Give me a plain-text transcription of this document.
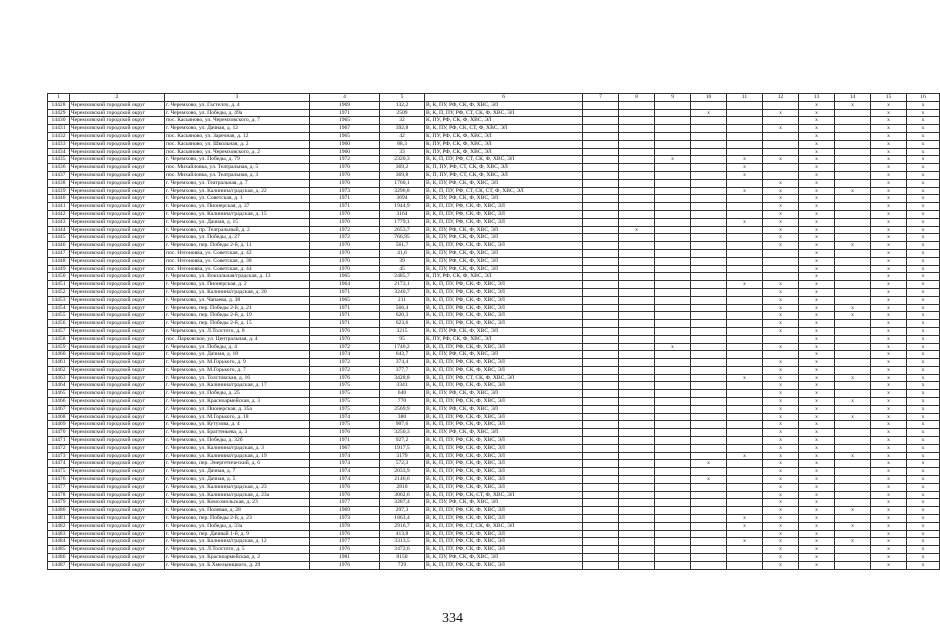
1	2	3	4	5	6	7	8	9	10	11	12	13	14	15	16
14428	Черемховский городской округ	г. Черемхово, ул. Гастелло, д. 4	1969	132,2	В, К, ПУ, РФ, СК, Ф, ХВС, ЭЛ							х	х	х	х
14429	Черемховский городской округ	г. Черемхово, ул. Победы, д. 49а	1971	2509	В, К, П, ПУ, РФ, СТ, СК, Ф, ХВС, ЭЛ				х		х	х		х	х
14430	Черемховский городской округ	пос. Касьяново, ул. Черемховского, д. 7	1965	32	К, ПУ, РФ, СК, Ф, ХВС, ЭЛ							х		х	х
14431	Черемховский городской округ	г. Черемхово, ул. Дачная, д. 12	1967	392,8	В, К, ПУ, РФ, СК, СТ, Ф, ХВС, ЭЛ						х	х		х	х
14432	Черемховский городской округ	пос. Касьяново, ул. Заречная, д. 12	1965	42	К, ПУ, РФ, СК, Ф, ХВС, ЭЛ							х		х	х
14433	Черемховский городской округ	пос. Касьяново, ул. Школьная, д. 2	1960	88,3	К, ПУ, РФ, СК, Ф, ХВС, ЭЛ							х		х	х
14434	Черемховский городской округ	пос. Касьяново, ул. Черемховского, д. 2	1960	33	К, ПУ, РФ, СК, Ф, ХВС, ЭЛ							х		х	х
14435	Черемховский городской округ	г. Черемхово, ул. Победы, д. 79	1972	2320,3	В, К, П, ПУ, РФ, СТ, СК, Ф, ХВС, ЭЛ			х		х	х	х		х	х
14436	Черемховский городской округ	пос. Михайловка, ул. Театральная, д. 5	1970	369,2	К, П, ПУ, РФ, СТ, СК, Ф, ХВС, ЭЛ					х		х		х	х
14437	Черемховский городской округ	пос. Михайловка, ул. Театральная, д. 3	1970	369,8	К, П, ПУ, РФ, СТ, СК, Ф, ХВС, ЭЛ					х		х		х	х
14438	Черемховский городской округ	г. Черемхово, ул. Театральная, д. 7	1970	1760,1	В, К, ПУ, РФ, СК, Ф, ХВС, ЭЛ						х	х		х	х
14439	Черемховский городской округ	г. Черемхово, ул. Калинина/градская, д. 22	1973	3296,8	В, К, П, ПУ, РФ, СТ, СК, СТ, Ф, ХВС, ЭЛ					х	х	х	х	х	х
14440	Черемховский городской округ	г. Черемхово, ул. Советская, д. 1	1971	3694	В, К, ПУ, РФ, СК, Ф, ХВС, ЭЛ						х	х		х	х
14441	Черемховский городской округ	г. Черемхово, ул. Пионерская, д. 37	1971	1944,9	В, К, П, ПУ, РФ, СК, Ф, ХВС, ЭЛ						х	х		х	х
14442	Черемховский городской округ	г. Черемхово, ул. Калинина/градская, д. 15	1970	3164	В, К, П, ПУ, РФ, СК, Ф, ХВС, ЭЛ						х	х		х	х
14443	Черемховский городской округ	г. Черемхово, ул. Дачная, д. 15	1970	1779,1	В, К, П, ПУ, РФ, СК, Ф, ХВС, ЭЛ					х	х	х		х	х
14444	Черемховский городской округ	г. Черемхово, пр. Театральный, д. 2	1972	2653,7	В, К, ПУ, РФ, СК, Ф, ХВС, ЭЛ		х				х	х		х	х
14445	Черемховский городской округ	г. Черемхово, ул. Победы, д. 27	1972	766,95	В, К, ПУ, РФ, СК, Ф, ХВС, ЭЛ						х	х		х	х
14446	Черемховский городской округ	г. Черемхово, пер. Победы 2-й, д. 11	1970	561,7	В, К, П, ПУ, РФ, СК, Ф, ХВС, ЭЛ						х	х	х	х	х
14447	Черемховский городской округ	пос. Нэтоновка, ул. Советская, д. 42	1970	41,6	В, К, ПУ, РФ, СК, Ф, ХВС, ЭЛ							х		х	х
14448	Черемховский городской округ	пос. Нэтоновка, ул. Советская, д. 38	1970	39	В, К, ПУ, РФ, СК, Ф, ХВС, ЭЛ							х		х	х
14449	Черемховский городской округ	пос. Нэтоновка, ул. Советская, д. 44	1970	45	В, К, ПУ, РФ, СК, Ф, ХВС, ЭЛ							х		х	х
14450	Черемховский городской округ	г. Черемхово, ул. Вокзальная/градская, д. 13	1965	2485,7	К, ПУ, РФ, СК, Ф, ХВС, ЭЛ							х		х	х
14451	Черемховский городской округ	г. Черемхово, ул. Пионерская, д. 2	1964	2173,1	В, К, П, ПУ, РФ, СК, Ф, ХВС, ЭЛ					х	х	х		х	х
14452	Черемховский городской округ	г. Черемхово, ул. Калинина/градская, д. 20	1971	3240,7	В, К, П, ПУ, РФ, СК, Ф, ХВС, ЭЛ						х	х		х	х
14453	Черемховский городской округ	г. Черемхово, ул. Чапаева, д. 38	1965	211	В, К, П, ПУ, РФ, СК, Ф, ХВС, ЭЛ						х	х		х	х
14454	Черемховский городской округ	г. Черемхово, пер. Победы 2-й, д. 21	1971	566,4	В, К, П, ПУ, РФ, СК, Ф, ХВС, ЭЛ						х	х	х	х	х
14455	Черемховский городской округ	г. Черемхово, пер. Победы 2-й, д. 19	1971	620,3	В, К, П, ПУ, РФ, СК, Ф, ХВС, ЭЛ						х	х	х	х	х
14456	Черемховский городской округ	г. Черемхово, пер. Победы 2-й, д. 15	1971	623,6	В, К, П, ПУ, РФ, СК, Ф, ХВС, ЭЛ						х	х		х	х
14457	Черемховский городской округ	г. Черемхово, ул. Л.Толстого, д. 8	1976	3215	В, К, ПУ, РФ, СК, Ф, ХВС, ЭЛ						х	х		х	х
14458	Черемховский городской округ	пос. Парковское, ул. Центральная, д. 4	1970	95	К, ПУ, РФ, СК, Ф, ХВС, ЭЛ							х		х	х
14459	Черемховский городской округ	г. Черемхово, ул. Победы, д. 4	1972	1746,2	В, К, П, ПУ, РФ, СК, Ф, ХВС, ЭЛ			х			х	х		х	х
14460	Черемховский городской округ	г. Черемхово, ул. Дачная, д. 18	1974	643,7	В, К, ПУ, РФ, СК, Ф, ХВС, ЭЛ							х		х	х
14461	Черемховский городской округ	г. Черемхово, ул. М.Горького, д. 9	1972	374,4	В, К, П, ПУ, РФ, СК, Ф, ХВС, ЭЛ						х	х		х	х
14462	Черемховский городской округ	г. Черемхово, ул. М.Горького, д. 7	1972	377,7	В, К, П, ПУ, РФ, СК, Ф, ХВС, ЭЛ						х	х		х	х
14463	Черемховский городской округ	г. Черемхово, ул. Толстовская, д. 16	1976	3428,8	В, К, П, ПУ, РФ, СТ, СК, Ф, ХВС, ЭЛ					х	х	х	х	х	х
14464	Черемховский городской округ	г. Черемхово, ул. Калинина/градская, д. 17	1975	3341	В, К, П, ПУ, РФ, СК, Ф, ХВС, ЭЛ						х	х		х	х
14465	Черемховский городской округ	г. Черемхово, ул. Победы, д. 25	1975	640	В, К, ПУ, РФ, СК, Ф, ХВС, ЭЛ						х	х		х	х
14466	Черемховский городской округ	г. Черемхово, ул. Красноармейская, д. 3	1975	770	В, К, П, ПУ, РФ, СК, Ф, ХВС, ЭЛ						х	х	х	х	х
14467	Черемховский городской округ	г. Черемхово, ул. Пионерская, д. 35а	1975	2569,9	В, К, ПУ, РФ, СК, Ф, ХВС, ЭЛ						х	х		х	х
14468	Черемховский городской округ	г. Черемхово, ул. М.Горького, д. 18	1974	380	В, К, П, ПУ, РФ, СК, Ф, ХВС, ЭЛ						х	х	х	х	х
14469	Черемховский городской округ	г. Черемхово, ул. Кутузова, д. 4	1975	907,6	В, К, П, ПУ, РФ, СК, Ф, ХВС, ЭЛ						х	х		х	х
14470	Черемховский городской округ	г. Черемхово, ул. Брагтеньева, д. 3	1976	3250,3	В, К, ПУ, РФ, СК, Ф, ХВС, ЭЛ						х	х		х	х
14471	Черемховский городской округ	г. Черемхово, ул. Победы, д. 32б	1971	927,2	В, К, П, ПУ, РФ, СК, Ф, ХВС, ЭЛ						х	х		х	х
14472	Черемховский городской округ	г. Черемхово, ул. Калинина/градская, д. 3	1967	1917,5	В, К, П, ПУ, РФ, СК, Ф, ХВС, ЭЛ						х	х		х	х
14473	Черемховский городской округ	г. Черемхово, ул. Калинина/градская, д. 19	1974	3179	В, К, П, ПУ, РФ, СК, Ф, ХВС, ЭЛ					х	х	х	х	х	х
14474	Черемховский городской округ	г. Черемхово, пер. Энергетический, д. 6	1974	572,3	В, К, П, ПУ, РФ, СК, Ф, ХВС, ЭЛ				х		х	х		х	х
14475	Черемховский городской округ	г. Черемхово, ул. Дачная, д. 7	1974	2033,9	В, К, П, ПУ, РФ, СК, Ф, ХВС, ЭЛ						х	х		х	х
14476	Черемховский городской округ	г. Черемхово, ул. Дачная, д. 5	1974	2146,6	В, К, П, ПУ, РФ, СК, Ф, ХВС, ЭЛ				х		х	х		х	х
14477	Черемховский городской округ	г. Черемхово, ул. Калинина/градская, д. 23	1976	2810	В, К, П, ПУ, РФ, СК, Ф, ХВС, ЭЛ						х	х		х	х
14478	Черемховский городской округ	г. Черемхово, ул. Калинина/градская, д. 23а	1976	3062,6	В, К, П, ПУ, РФ, СК, СТ, Ф, ХВС, ЭЛ						х	х		х	х
14479	Черемховский городской округ	г. Черемхово, ул. Комсомольская, д. 23	1977	3287,4	В, К, ПУ, РФ, СК, Ф, ХВС, ЭЛ						х	х		х	х
14480	Черемховский городской округ	г. Черемхово, ул. Полевая, д. 28	1969	297,3	В, К, П, ПУ, РФ, СК, Ф, ХВС, ЭЛ						х	х	х	х	х
14481	Черемховский городской округ	г. Черемхово, пер. Победы 2-й, д. 23	1973	1863,4	В, К, П, ПУ, РФ, СК, Ф, ХВС, ЭЛ					х	х	х		х	х
14482	Черемховский городской округ	г. Черемхово, ул. Победы, д. 33а	1978	2916,7	В, К, П, ПУ, РФ, СТ, СК, Ф, ХВС, ЭЛ					х	х	х	х	х	х
14483	Черемховский городской округ	г. Черемхово, пер. Дачный 1-й, д. 9	1976	413,8	В, К, П, ПУ, РФ, СК, Ф, ХВС, ЭЛ						х	х		х	х
14484	Черемховский городской округ	г. Черемхово, ул. Калинина/градская, д. 12	1977	3313,5	В, К, П, ПУ, РФ, СК, Ф, ХВС, ЭЛ					х	х	х	х	х	х
14485	Черемховский городской округ	г. Черемхово, ул. Л.Толстого, д. 5	1976	3472,6	В, К, П, ПУ, РФ, СК, Ф, ХВС, ЭЛ						х	х		х	х
14486	Черемховский городской округ	г. Черемхово, ул. Красноармейская, д. 2	1981	8150	В, К, ПУ, РФ, СК, Ф, ХВС, ЭЛ						х	х		х	х
14487	Черемховский городской округ	г. Черемхово, ул. Б.Хмельницкого, д. 29	1976	729	В, К, П, ПУ, РФ, СК, Ф, ХВС, ЭЛ						х	х		х	х
334
